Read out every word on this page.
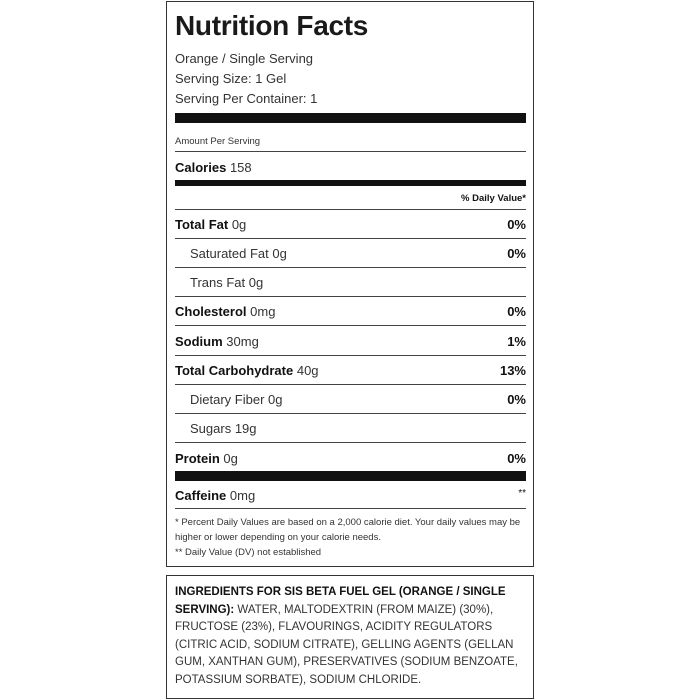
Nutrition Facts
Orange / Single Serving
Serving Size: 1 Gel
Serving Per Container: 1
Amount Per Serving
Calories 158
% Daily Value*
Total Fat 0g	0%
Saturated Fat 0g	0%
Trans Fat 0g
Cholesterol 0mg	0%
Sodium 30mg	1%
Total Carbohydrate 40g	13%
Dietary Fiber 0g	0%
Sugars 19g
Protein 0g	0%
Caffeine 0mg	**
* Percent Daily Values are based on a 2,000 calorie diet. Your daily values may be higher or lower depending on your calorie needs.
** Daily Value (DV) not established
INGREDIENTS FOR SIS BETA FUEL GEL (ORANGE / SINGLE SERVING): WATER, MALTODEXTRIN (FROM MAIZE) (30%), FRUCTOSE (23%), FLAVOURINGS, ACIDITY REGULATORS (CITRIC ACID, SODIUM CITRATE), GELLING AGENTS (GELLAN GUM, XANTHAN GUM), PRESERVATIVES (SODIUM BENZOATE, POTASSIUM SORBATE), SODIUM CHLORIDE.
